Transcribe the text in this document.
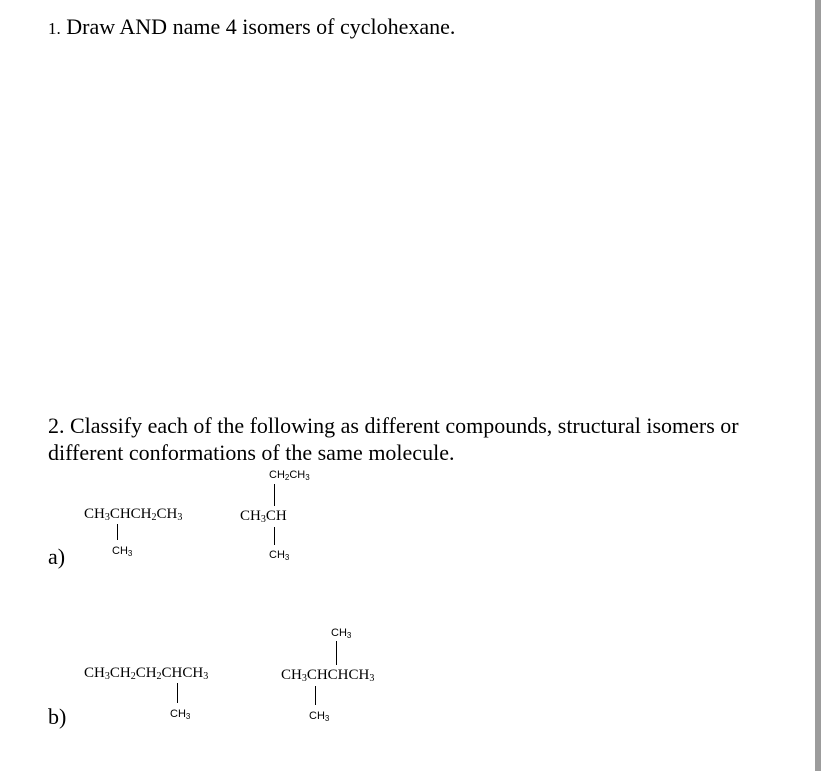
1. Draw AND name 4 isomers of cyclohexane.
2. Classify each of the following as different compounds, structural isomers or
different conformations of the same molecule.
a)
$CH_3CHCH_2CH_3$
$CH_3$
$CH_2CH_3$
$CH_3CH$
$CH_3$
b)
$CH_3CH_2CH_2CHCH_3$
$CH_3$
$CH_3$
$CH_3CHCHCH_3$
$CH_3$
